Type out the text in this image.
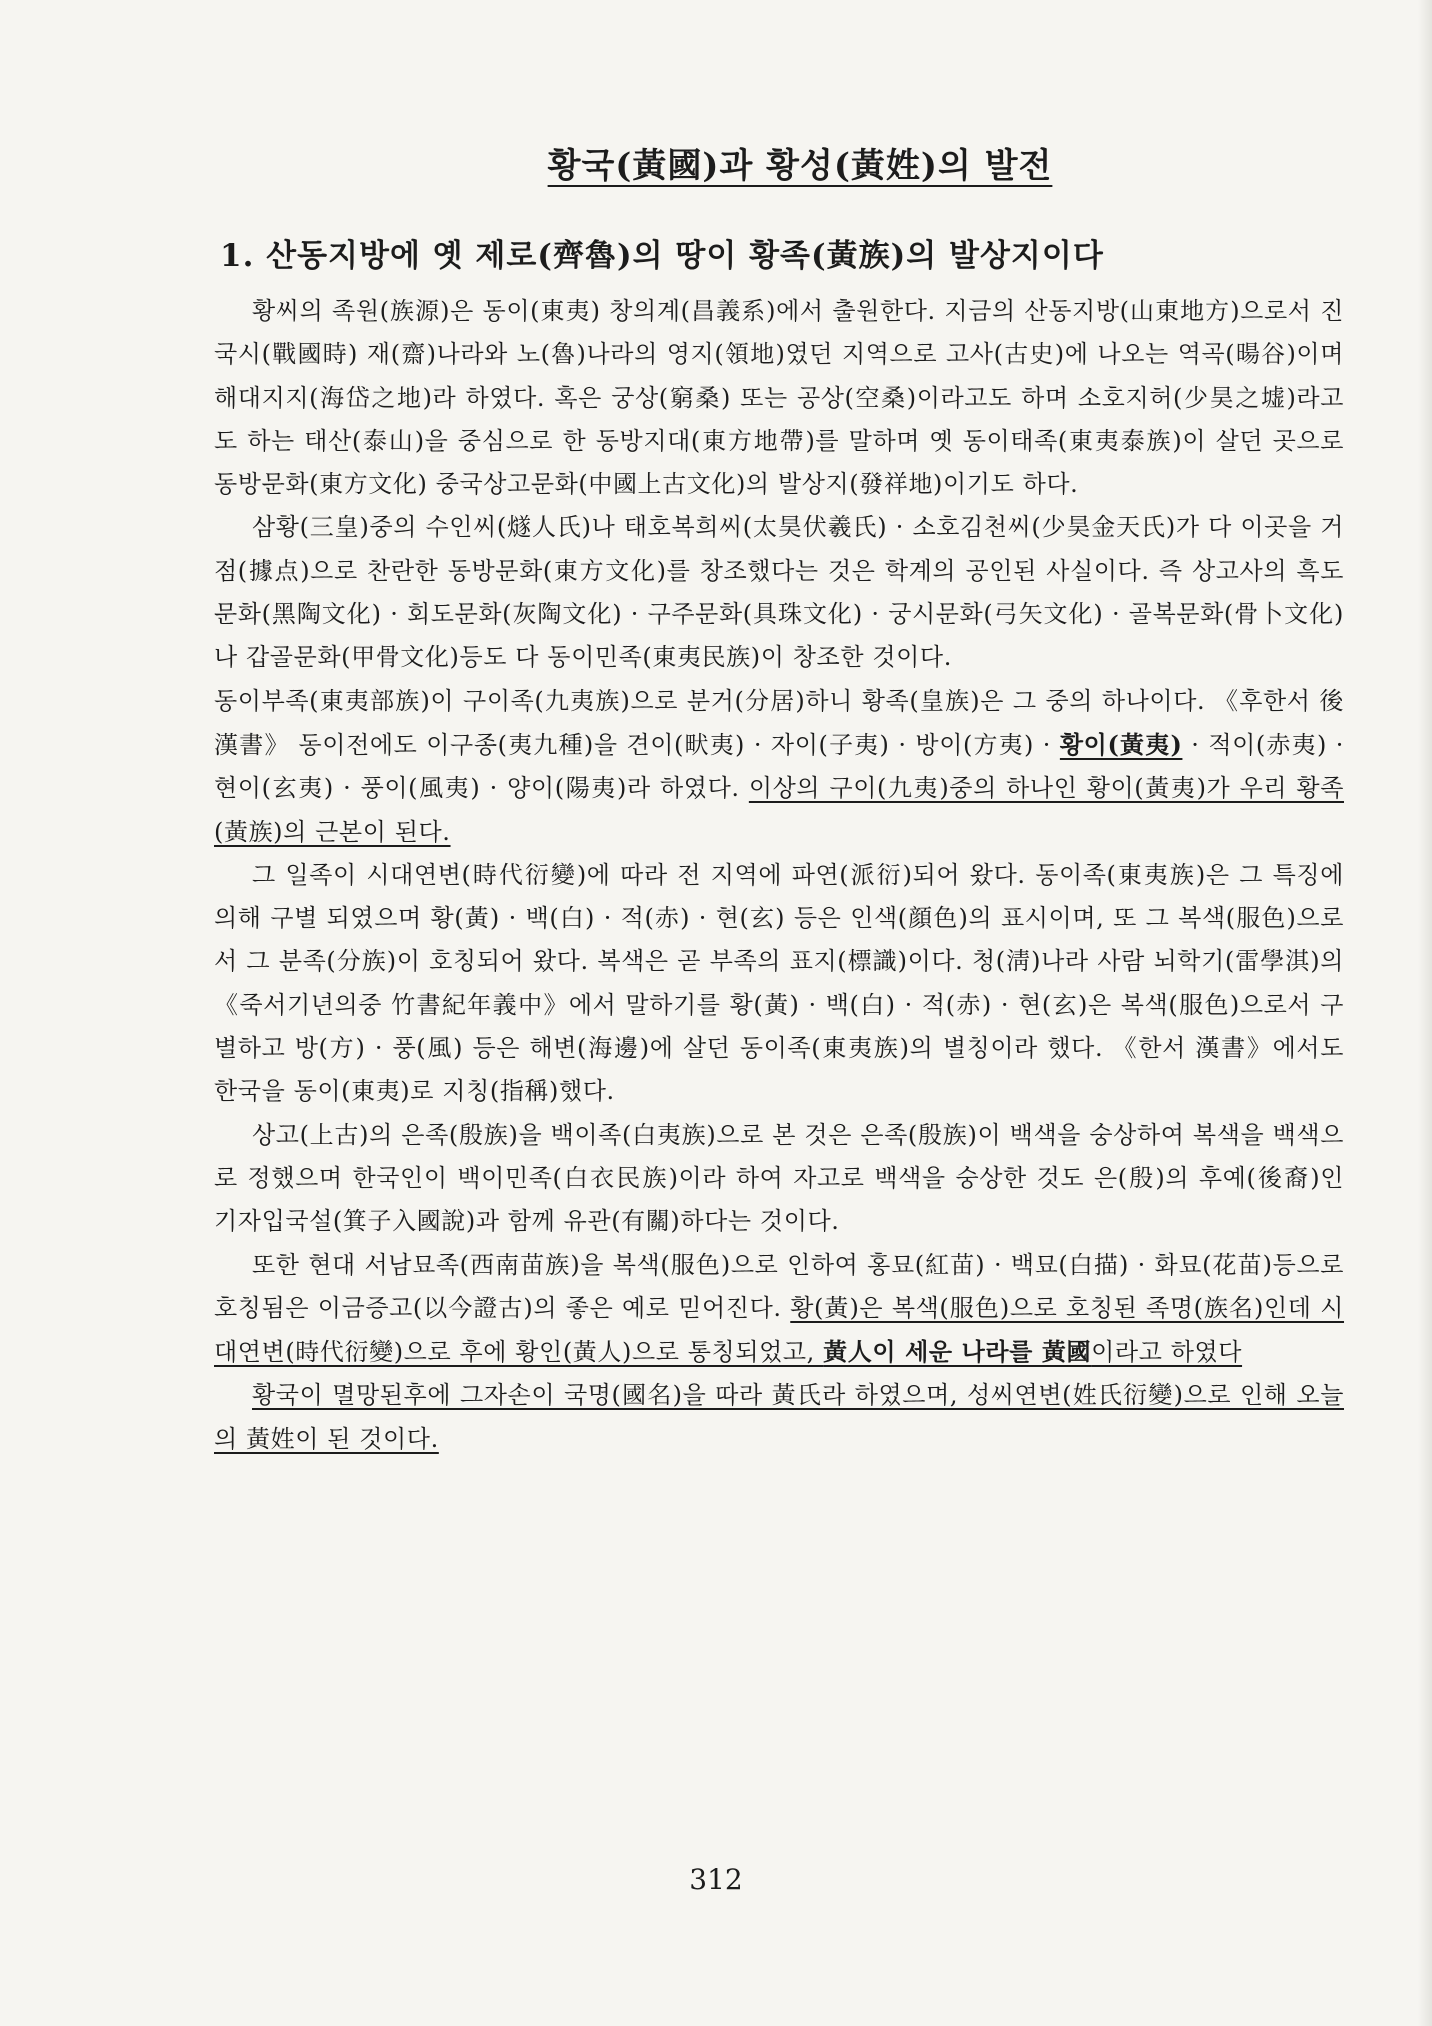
황국(黃國)과 황성(黃姓)의 발전
1. 산동지방에 옛 제로(齊魯)의 땅이 황족(黃族)의 발상지이다

황씨의 족원(族源)은 동이(東夷) 창의계(昌義系)에서 출원한다. 지금의 산동지방(山東地方)으로서 진국시(戰國時) 재(齋)나라와 노(魯)나라의 영지(領地)였던 지역으로 고사(古史)에 나오는 역곡(暘谷)이며 해대지지(海岱之地)라 하였다. 혹은 궁상(窮桑) 또는 공상(空桑)이라고도 하며 소호지허(少昊之墟)라고도 하는 태산(泰山)을 중심으로 한 동방지대(東方地帶)를 말하며 옛 동이태족(東夷泰族)이 살던 곳으로 동방문화(東方文化) 중국상고문화(中國上古文化)의 발상지(發祥地)이기도 하다.

삼황(三皇)중의 수인씨(燧人氏)나 태호복희씨(太昊伏羲氏) · 소호김천씨(少昊金天氏)가 다 이곳을 거점(據点)으로 찬란한 동방문화(東方文化)를 창조했다는 것은 학계의 공인된 사실이다. 즉 상고사의 흑도문화(黑陶文化) · 회도문화(灰陶文化) · 구주문화(具珠文化) · 궁시문화(弓矢文化) · 골복문화(骨卜文化)나 갑골문화(甲骨文化)등도 다 동이민족(東夷民族)이 창조한 것이다.

동이부족(東夷部族)이 구이족(九夷族)으로 분거(分居)하니 황족(皇族)은 그 중의 하나이다. 《후한서 後漢書》 동이전에도 이구종(夷九種)을 견이(畎夷) · 자이(子夷) · 방이(方夷) · 황이(黃夷) · 적이(赤夷) · 현이(玄夷) · 풍이(風夷) · 양이(陽夷)라 하였다. 이상의 구이(九夷)중의 하나인 황이(黃夷)가 우리 황족(黃族)의 근본이 된다.

그 일족이 시대연변(時代衍變)에 따라 전 지역에 파연(派衍)되어 왔다. 동이족(東夷族)은 그 특징에 의해 구별 되였으며 황(黃) · 백(白) · 적(赤) · 현(玄) 등은 인색(顔色)의 표시이며, 또 그 복색(服色)으로서 그 분족(分族)이 호칭되어 왔다. 복색은 곧 부족의 표지(標識)이다. 청(淸)나라 사람 뇌학기(雷學淇)의 《죽서기년의중 竹書紀年義中》에서 말하기를 황(黃) · 백(白) · 적(赤) · 현(玄)은 복색(服色)으로서 구별하고 방(方) · 풍(風) 등은 해변(海邊)에 살던 동이족(東夷族)의 별칭이라 했다. 《한서 漢書》에서도 한국을 동이(東夷)로 지칭(指稱)했다.

상고(上古)의 은족(殷族)을 백이족(白夷族)으로 본 것은 은족(殷族)이 백색을 숭상하여 복색을 백색으로 정했으며 한국인이 백이민족(白衣民族)이라 하여 자고로 백색을 숭상한 것도 은(殷)의 후예(後裔)인 기자입국설(箕子入國說)과 함께 유관(有關)하다는 것이다.

또한 현대 서남묘족(西南苗族)을 복색(服色)으로 인하여 홍묘(紅苗) · 백묘(白描) · 화묘(花苗)등으로 호칭됨은 이금증고(以今證古)의 좋은 예로 믿어진다. 황(黃)은 복색(服色)으로 호칭된 족명(族名)인데 시대연변(時代衍變)으로 후에 황인(黃人)으로 통칭되었고, 黃人이 세운 나라를 黃國이라고 하였다

황국이 멸망된후에 그자손이 국명(國名)을 따라 黃氏라 하였으며, 성씨연변(姓氏衍變)으로 인해 오늘의 黃姓이 된 것이다.

312
